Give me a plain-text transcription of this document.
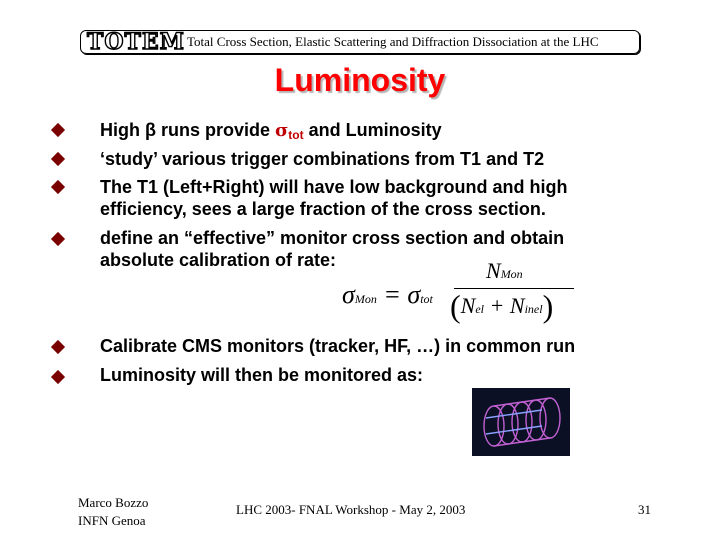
TOTEM Total Cross Section, Elastic Scattering and Diffraction Dissociation at the LHC
Luminosity
High β runs provide $\sigma_{tot}$ and Luminosity
‘study’ various trigger combinations from T1 and T2
The T1 (Left+Right) will have low background and high
efficiency, sees a large fraction of the cross section.
define an “effective” monitor cross section and obtain
absolute calibration of rate:
σMon = σtot
NMon
(Nel + Ninel)
Calibrate CMS monitors (tracker, HF, …) in common run
Luminosity will then be monitored as:
Marco Bozzo
INFN Genoa
LHC 2003- FNAL Workshop - May 2, 2003	31
